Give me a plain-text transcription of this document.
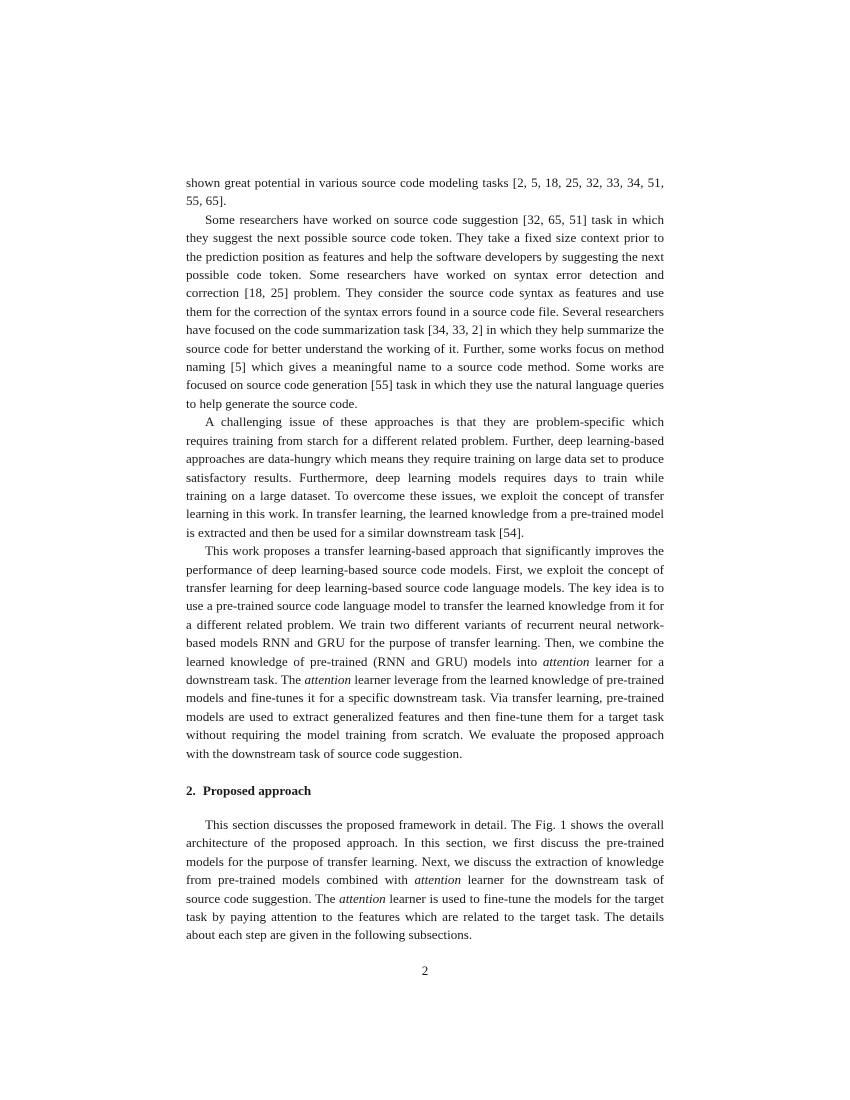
shown great potential in various source code modeling tasks [2, 5, 18, 25, 32, 33, 34, 51, 55, 65].

Some researchers have worked on source code suggestion [32, 65, 51] task in which they suggest the next possible source code token. They take a fixed size context prior to the prediction position as features and help the software developers by suggesting the next possible code token. Some researchers have worked on syntax error detection and correction [18, 25] problem. They consider the source code syntax as features and use them for the correction of the syntax errors found in a source code file. Several researchers have focused on the code summarization task [34, 33, 2] in which they help summarize the source code for better understand the working of it. Further, some works focus on method naming [5] which gives a meaningful name to a source code method. Some works are focused on source code generation [55] task in which they use the natural language queries to help generate the source code.

A challenging issue of these approaches is that they are problem-specific which requires training from starch for a different related problem. Further, deep learning-based approaches are data-hungry which means they require training on large data set to produce satisfactory results. Furthermore, deep learning models requires days to train while training on a large dataset. To overcome these issues, we exploit the concept of transfer learning in this work. In transfer learning, the learned knowledge from a pre-trained model is extracted and then be used for a similar downstream task [54].

This work proposes a transfer learning-based approach that significantly improves the performance of deep learning-based source code models. First, we exploit the concept of transfer learning for deep learning-based source code language models. The key idea is to use a pre-trained source code language model to transfer the learned knowledge from it for a different related problem. We train two different variants of recurrent neural network-based models RNN and GRU for the purpose of transfer learning. Then, we combine the learned knowledge of pre-trained (RNN and GRU) models into attention learner for a downstream task. The attention learner leverage from the learned knowledge of pre-trained models and fine-tunes it for a specific downstream task. Via transfer learning, pre-trained models are used to extract generalized features and then fine-tune them for a target task without requiring the model training from scratch. We evaluate the proposed approach with the downstream task of source code suggestion.

2. Proposed approach

This section discusses the proposed framework in detail. The Fig. 1 shows the overall architecture of the proposed approach. In this section, we first discuss the pre-trained models for the purpose of transfer learning. Next, we discuss the extraction of knowledge from pre-trained models combined with attention learner for the downstream task of source code suggestion. The attention learner is used to fine-tune the models for the target task by paying attention to the features which are related to the target task. The details about each step are given in the following subsections.

2
